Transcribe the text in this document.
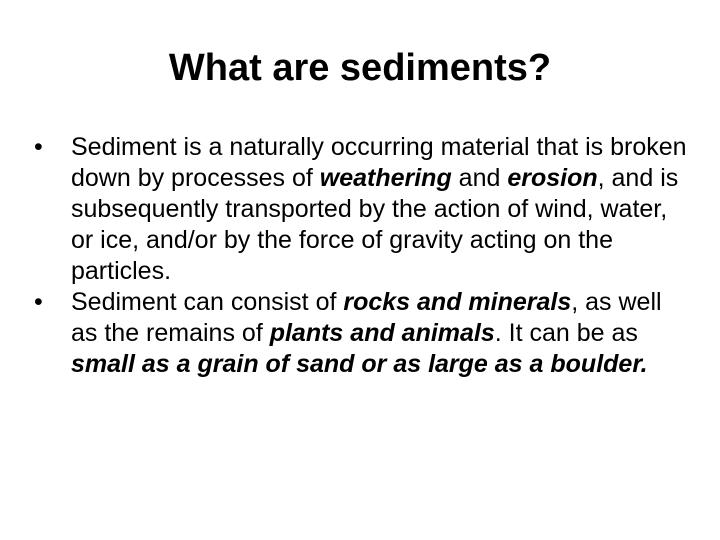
What are sediments?
•	Sediment is a naturally occurring material that is broken down by processes of weathering and erosion, and is subsequently transported by the action of wind, water, or ice, and/or by the force of gravity acting on the particles.
•	Sediment can consist of rocks and minerals, as well as the remains of plants and animals. It can be as small as a grain of sand or as large as a boulder.
